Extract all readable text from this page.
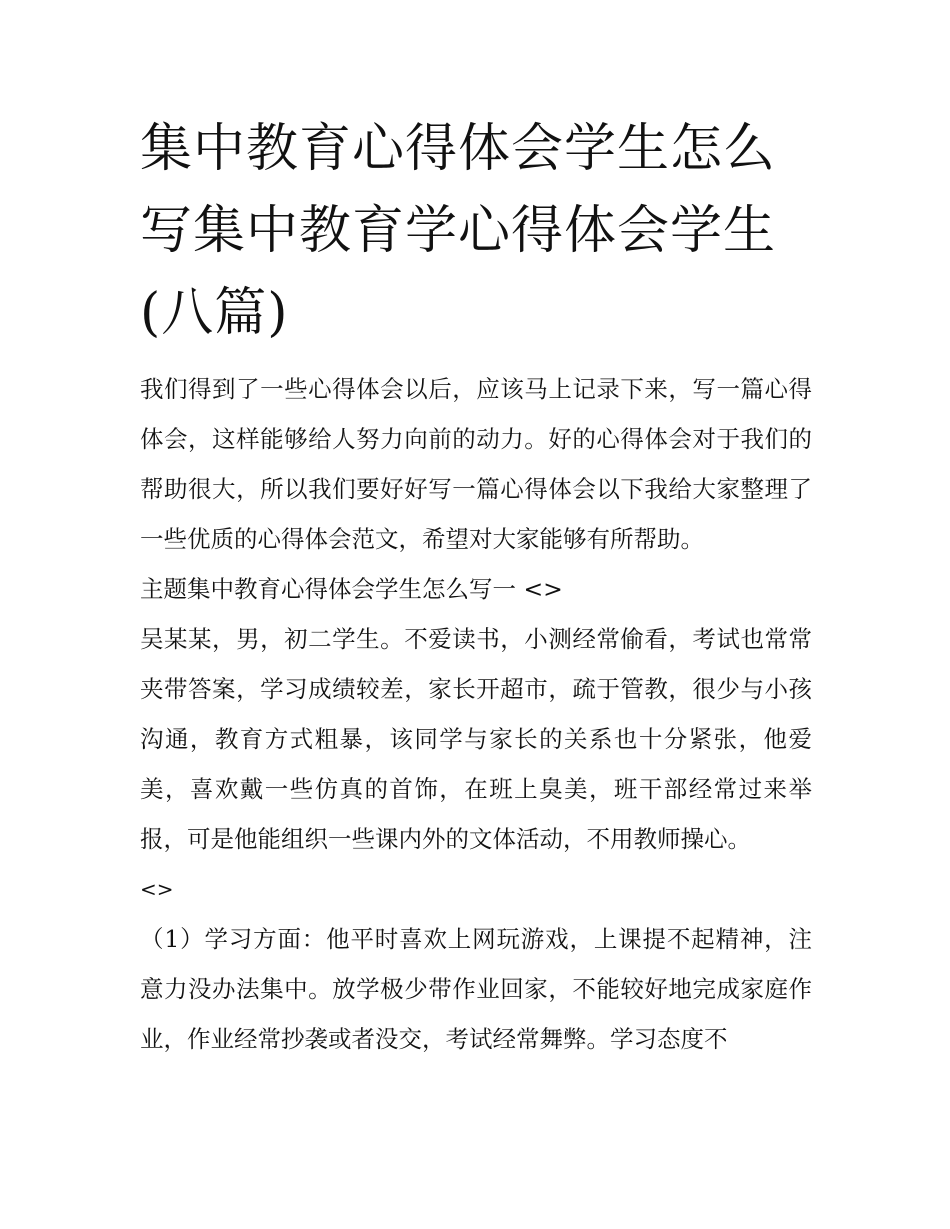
集中教育心得体会学生怎么写集中教育学心得体会学生(八篇)

我们得到了一些心得体会以后，应该马上记录下来，写一篇心得体会，这样能够给人努力向前的动力。好的心得体会对于我们的帮助很大，所以我们要好好写一篇心得体会以下我给大家整理了一些优质的心得体会范文，希望对大家能够有所帮助。

主题集中教育心得体会学生怎么写一 <>

吴某某，男，初二学生。不爱读书，小测经常偷看，考试也常常夹带答案，学习成绩较差，家长开超市，疏于管教，很少与小孩沟通，教育方式粗暴，该同学与家长的关系也十分紧张，他爱美，喜欢戴一些仿真的首饰，在班上臭美，班干部经常过来举报，可是他能组织一些课内外的文体活动，不用教师操心。

<>

（1）学习方面：他平时喜欢上网玩游戏，上课提不起精神，注意力没办法集中。放学极少带作业回家，不能较好地完成家庭作业，作业经常抄袭或者没交，考试经常舞弊。学习态度不
